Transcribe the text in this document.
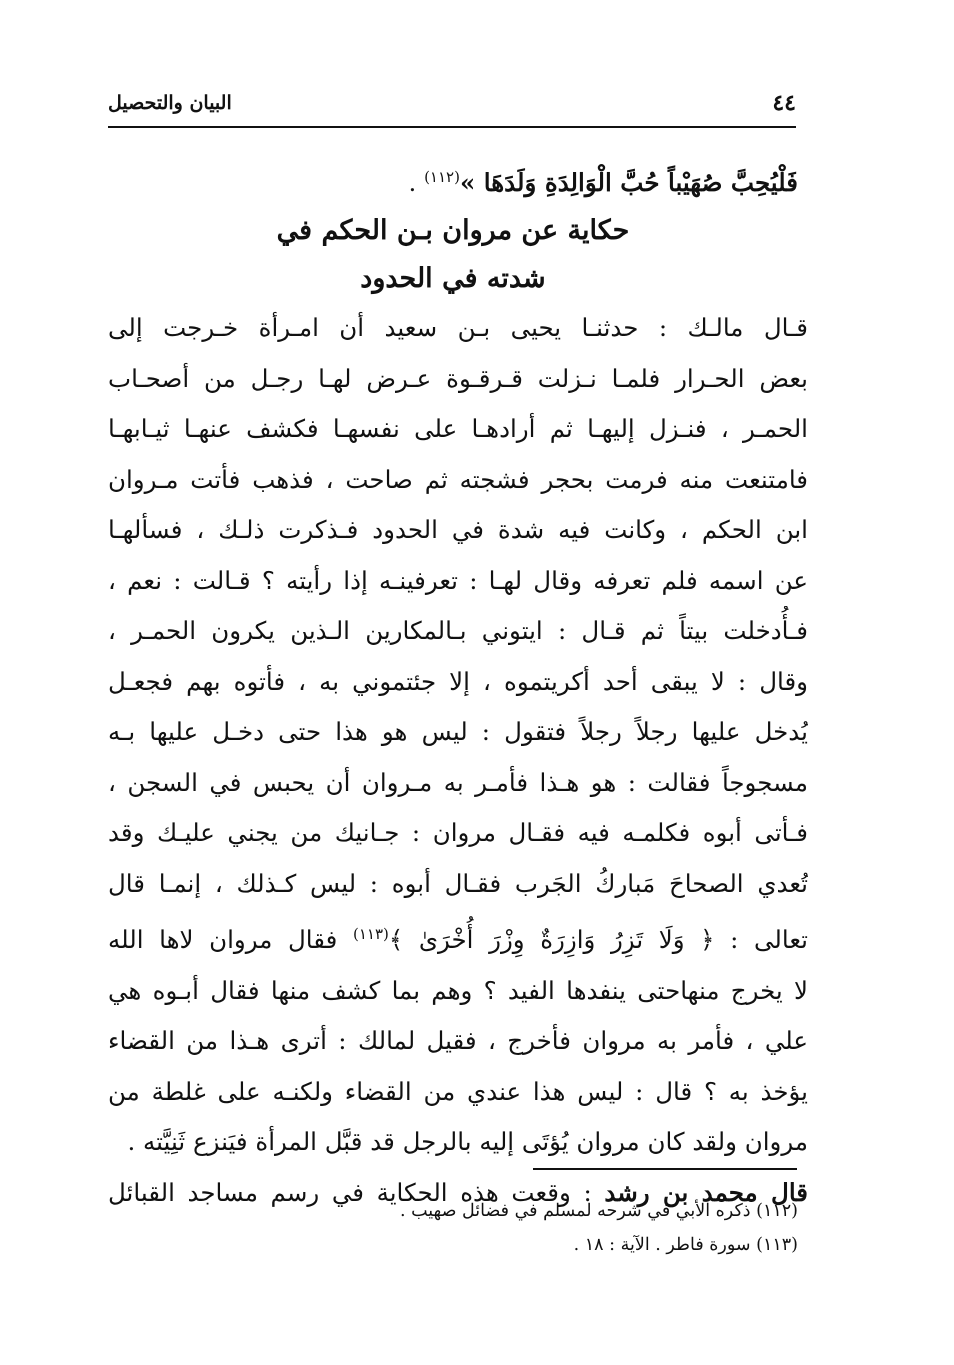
٤٤
البيان والتحصيل
فَلْيُحِبَّ صُهَيْباً حُبَّ الْوَالِدَةِ وَلَدَهَا »$^{(١١٢)}$ .
حكاية عن مروان بـن الحكم في
شدته في الحدود
قـال مالـك : حدثنـا يحيى بـن سعيد أن امـرأة خـرجت إلى
بعض الحـرار فلمـا نـزلت قـرقـوة عـرض لهـا رجـل من أصحـاب
الحمـر ، فنـزل إليهـا ثم أرادهـا على نفسهـا فكشف عنهـا ثيـابهـا
فامتنعت منه فرمت بحجر فشجته ثم صاحت ، فذهب فأتت مـروان
ابن الحكم ، وكانت فيه شدة في الحدود فـذكرت ذلـك ، فسألهـا
عن اسمه فلم تعرفه وقال لهـا : تعرفينـه إذا رأيته ؟ قـالت : نعم ،
فـأُدخلت بيتاً ثم قـال : ايتوني بـالمكارين الـذين يكرون الحمـر ،
وقال : لا يبقى أحد أكريتموه ، إلا جئتموني به ، فأتوه بهم فجعـل
يُدخل عليها رجلاً رجلاً فتقول : ليس هو هذا حتى دخـل عليها بـه
مسجوجاً فقالت : هو هـذا فأمـر به مـروان أن يحبس في السجن ،
فـأتى أبوه فكلمـه فيه فقـال مروان : جـانيك من يجني عليـك وقد
تُعدي الصحاحَ مَباركُ الجَرب فقـال أبوه : ليس كـذلك ، إنمـا قال
تعالى : ﴿ وَلَا تَزِرُ وَازِرَةٌ وِزْرَ أُخْرَىٰ ﴾$^{(١١٣)}$ فقال مروان لاها الله
لا يخرج منهاحتى ينفدها الفيد ؟ وهم بما كشف منها فقال أبـوه هي
علي ، فأمر به مروان فأخرج ، فقيل لمالك : أترى هـذا من القضاء
يؤخذ به ؟ قال : ليس هذا عندي من القضاء ولكنـه على غلطة من
مروان ولقد كان مروان يُؤتَى إليه بالرجل قد قبَّل المرأة فيَنزع ثَنِيَّته .
قال محمد بن رشد : وقعت هذه الحكاية في رسم مساجد القبائل
(١١٢) ذكره الأبي في شرحه لمسلم في فضائل صهيب .
(١١٣) سورة فاطر . الآية : ١٨ .
